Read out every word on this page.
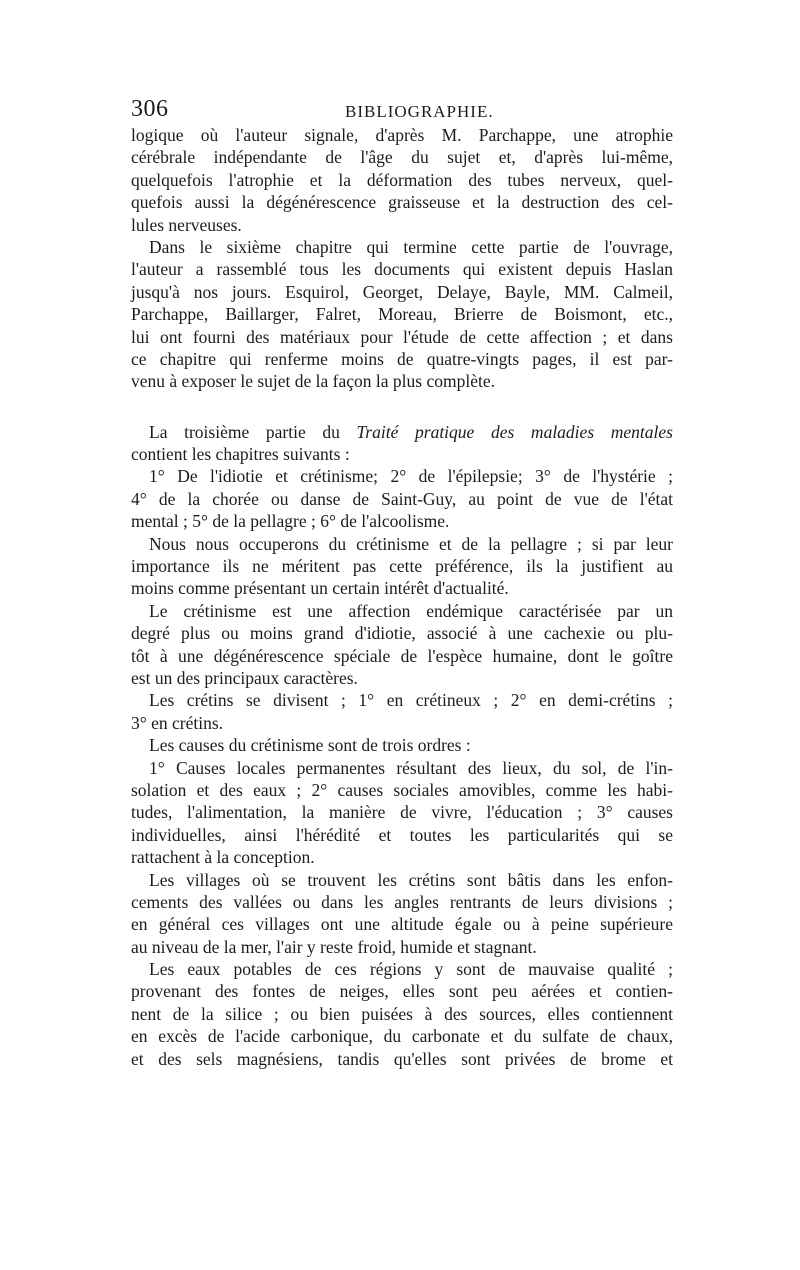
306	BIBLIOGRAPHIE.
logique où l'auteur signale, d'après M. Parchappe, une atrophie
cérébrale indépendante de l'âge du sujet et, d'après lui-même,
quelquefois l'atrophie et la déformation des tubes nerveux, quel-
quefois aussi la dégénérescence graisseuse et la destruction des cel-
lules nerveuses.
Dans le sixième chapitre qui termine cette partie de l'ouvrage,
l'auteur a rassemblé tous les documents qui existent depuis Haslan
jusqu'à nos jours. Esquirol, Georget, Delaye, Bayle, MM. Calmeil,
Parchappe, Baillarger, Falret, Moreau, Brierre de Boismont, etc.,
lui ont fourni des matériaux pour l'étude de cette affection ; et dans
ce chapitre qui renferme moins de quatre-vingts pages, il est par-
venu à exposer le sujet de la façon la plus complète.
La troisième partie du Traité pratique des maladies mentales
contient les chapitres suivants :
1° De l'idiotie et crétinisme; 2° de l'épilepsie; 3° de l'hystérie ;
4° de la chorée ou danse de Saint-Guy, au point de vue de l'état
mental ; 5° de la pellagre ; 6° de l'alcoolisme.
Nous nous occuperons du crétinisme et de la pellagre ; si par leur
importance ils ne méritent pas cette préférence, ils la justifient au
moins comme présentant un certain intérêt d'actualité.
Le crétinisme est une affection endémique caractérisée par un
degré plus ou moins grand d'idiotie, associé à une cachexie ou plu-
tôt à une dégénérescence spéciale de l'espèce humaine, dont le goître
est un des principaux caractères.
Les crétins se divisent ; 1° en crétineux ; 2° en demi-crétins ;
3° en crétins.
Les causes du crétinisme sont de trois ordres :
1° Causes locales permanentes résultant des lieux, du sol, de l'in-
solation et des eaux ; 2° causes sociales amovibles, comme les habi-
tudes, l'alimentation, la manière de vivre, l'éducation ; 3° causes
individuelles, ainsi l'hérédité et toutes les particularités qui se
rattachent à la conception.
Les villages où se trouvent les crétins sont bâtis dans les enfon-
cements des vallées ou dans les angles rentrants de leurs divisions ;
en général ces villages ont une altitude égale ou à peine supérieure
au niveau de la mer, l'air y reste froid, humide et stagnant.
Les eaux potables de ces régions y sont de mauvaise qualité ;
provenant des fontes de neiges, elles sont peu aérées et contien-
nent de la silice ; ou bien puisées à des sources, elles contiennent
en excès de l'acide carbonique, du carbonate et du sulfate de chaux,
et des sels magnésiens, tandis qu'elles sont privées de brome et
